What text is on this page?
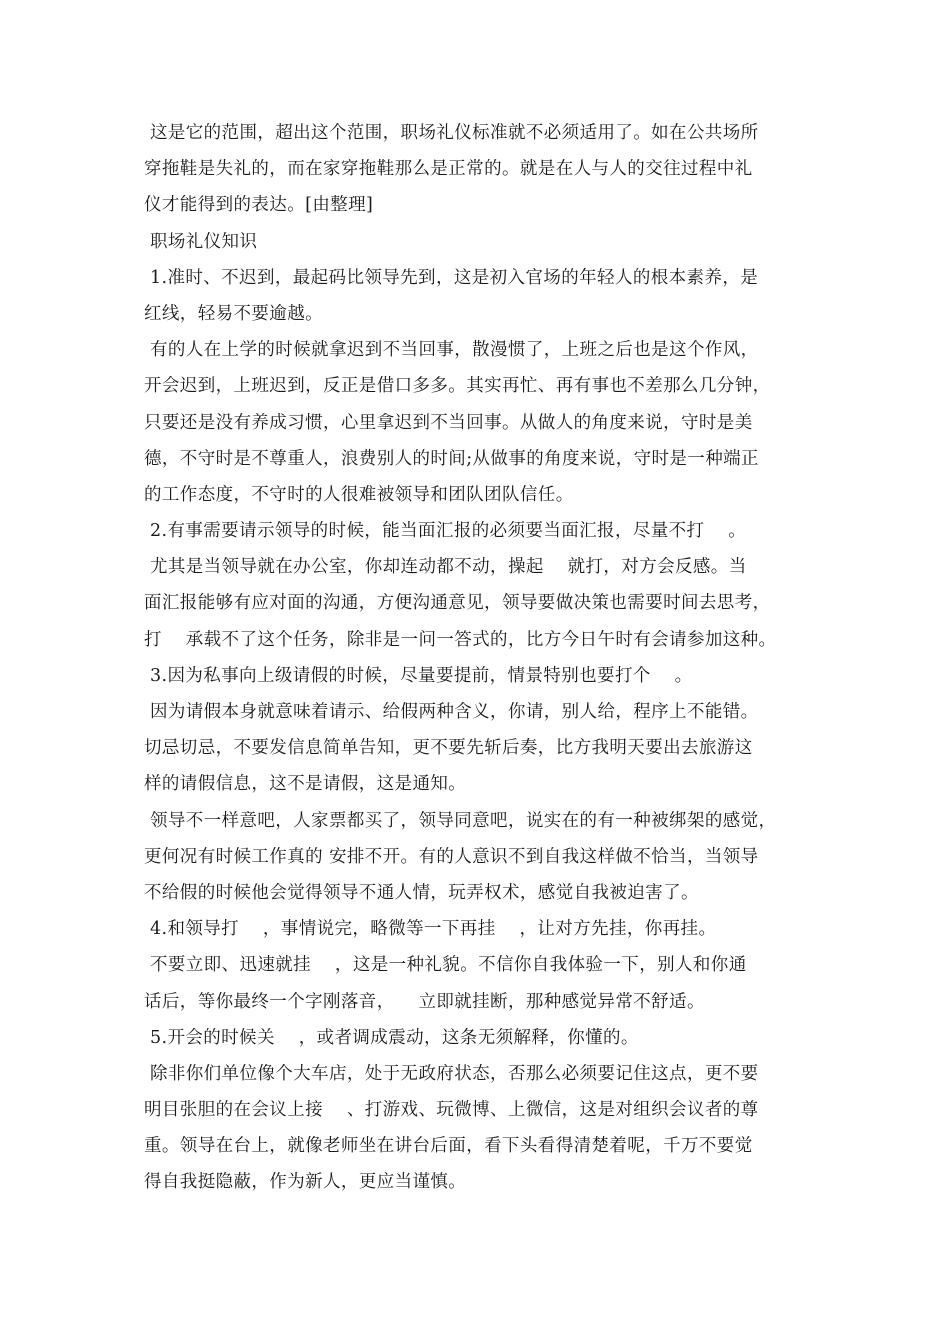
这是它的范围，超出这个范围，职场礼仪标准就不必须适用了。如在公共场所
穿拖鞋是失礼的，而在家穿拖鞋那么是正常的。就是在人与人的交往过程中礼
仪才能得到的表达。[由整理]
职场礼仪知识
1.准时、不迟到，最起码比领导先到，这是初入官场的年轻人的根本素养，是
红线，轻易不要逾越。
有的人在上学的时候就拿迟到不当回事，散漫惯了，上班之后也是这个作风，
开会迟到，上班迟到，反正是借口多多。其实再忙、再有事也不差那么几分钟，
只要还是没有养成习惯，心里拿迟到不当回事。从做人的角度来说，守时是美
德，不守时是不尊重人，浪费别人的时间;从做事的角度来说，守时是一种端正
的工作态度，不守时的人很难被领导和团队团队信任。
2.有事需要请示领导的时候，能当面汇报的必须要当面汇报，尽量不打    。
尤其是当领导就在办公室，你却连动都不动，操起    就打，对方会反感。当
面汇报能够有应对面的沟通，方便沟通意见，领导要做决策也需要时间去思考，
打    承载不了这个任务，除非是一问一答式的，比方今日午时有会请参加这种。
3.因为私事向上级请假的时候，尽量要提前，情景特别也要打个    。
因为请假本身就意味着请示、给假两种含义，你请，别人给，程序上不能错。
切忌切忌，不要发信息简单告知，更不要先斩后奏，比方我明天要出去旅游这
样的请假信息，这不是请假，这是通知。
领导不一样意吧，人家票都买了，领导同意吧，说实在的有一种被绑架的感觉，
更何况有时候工作真的 安排不开。有的人意识不到自我这样做不恰当，当领导
不给假的时候他会觉得领导不通人情，玩弄权术，感觉自我被迫害了。
4.和领导打    ，事情说完，略微等一下再挂    ，让对方先挂，你再挂。
不要立即、迅速就挂    ，这是一种礼貌。不信你自我体验一下，别人和你通
话后，等你最终一个字刚落音，    立即就挂断，那种感觉异常不舒适。
5.开会的时候关    ，或者调成震动，这条无须解释，你懂的。
除非你们单位像个大车店，处于无政府状态，否那么必须要记住这点，更不要
明目张胆的在会议上接    、打游戏、玩微博、上微信，这是对组织会议者的尊
重。领导在台上，就像老师坐在讲台后面，看下头看得清楚着呢，千万不要觉
得自我挺隐蔽，作为新人，更应当谨慎。
